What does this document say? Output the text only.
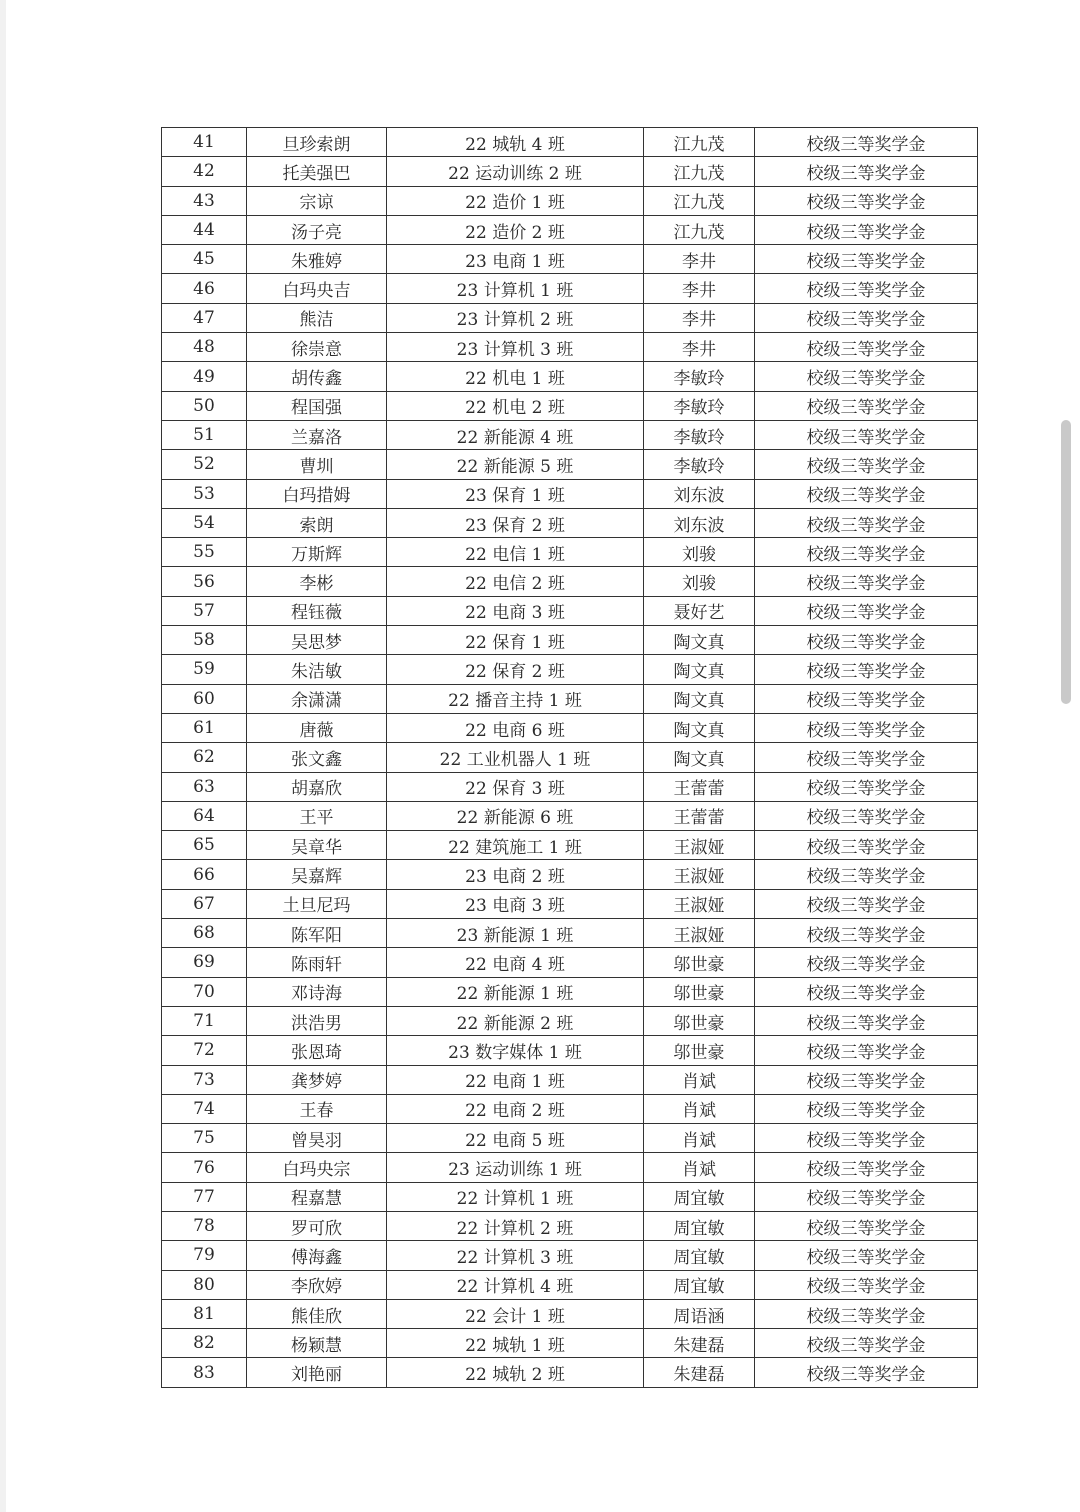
41	旦珍索朗	22 城轨 4 班	江九茂	校级三等奖学金
42	托美强巴	22 运动训练 2 班	江九茂	校级三等奖学金
43	宗谅	22 造价 1 班	江九茂	校级三等奖学金
44	汤子亮	22 造价 2 班	江九茂	校级三等奖学金
45	朱雅婷	23 电商 1 班	李井	校级三等奖学金
46	白玛央吉	23 计算机 1 班	李井	校级三等奖学金
47	熊洁	23 计算机 2 班	李井	校级三等奖学金
48	徐崇意	23 计算机 3 班	李井	校级三等奖学金
49	胡传鑫	22 机电 1 班	李敏玲	校级三等奖学金
50	程国强	22 机电 2 班	李敏玲	校级三等奖学金
51	兰嘉洛	22 新能源 4 班	李敏玲	校级三等奖学金
52	曹圳	22 新能源 5 班	李敏玲	校级三等奖学金
53	白玛措姆	23 保育 1 班	刘东波	校级三等奖学金
54	索朗	23 保育 2 班	刘东波	校级三等奖学金
55	万斯辉	22 电信 1 班	刘骏	校级三等奖学金
56	李彬	22 电信 2 班	刘骏	校级三等奖学金
57	程钰薇	22 电商 3 班	聂好艺	校级三等奖学金
58	吴思梦	22 保育 1 班	陶文真	校级三等奖学金
59	朱洁敏	22 保育 2 班	陶文真	校级三等奖学金
60	余潇潇	22 播音主持 1 班	陶文真	校级三等奖学金
61	唐薇	22 电商 6 班	陶文真	校级三等奖学金
62	张文鑫	22 工业机器人 1 班	陶文真	校级三等奖学金
63	胡嘉欣	22 保育 3 班	王蕾蕾	校级三等奖学金
64	王平	22 新能源 6 班	王蕾蕾	校级三等奖学金
65	吴章华	22 建筑施工 1 班	王淑娅	校级三等奖学金
66	吴嘉辉	23 电商 2 班	王淑娅	校级三等奖学金
67	土旦尼玛	23 电商 3 班	王淑娅	校级三等奖学金
68	陈军阳	23 新能源 1 班	王淑娅	校级三等奖学金
69	陈雨轩	22 电商 4 班	邬世豪	校级三等奖学金
70	邓诗海	22 新能源 1 班	邬世豪	校级三等奖学金
71	洪浩男	22 新能源 2 班	邬世豪	校级三等奖学金
72	张恩琦	23 数字媒体 1 班	邬世豪	校级三等奖学金
73	龚梦婷	22 电商 1 班	肖斌	校级三等奖学金
74	王春	22 电商 2 班	肖斌	校级三等奖学金
75	曾昊羽	22 电商 5 班	肖斌	校级三等奖学金
76	白玛央宗	23 运动训练 1 班	肖斌	校级三等奖学金
77	程嘉慧	22 计算机 1 班	周宜敏	校级三等奖学金
78	罗可欣	22 计算机 2 班	周宜敏	校级三等奖学金
79	傅海鑫	22 计算机 3 班	周宜敏	校级三等奖学金
80	李欣婷	22 计算机 4 班	周宜敏	校级三等奖学金
81	熊佳欣	22 会计 1 班	周语涵	校级三等奖学金
82	杨颖慧	22 城轨 1 班	朱建磊	校级三等奖学金
83	刘艳丽	22 城轨 2 班	朱建磊	校级三等奖学金
